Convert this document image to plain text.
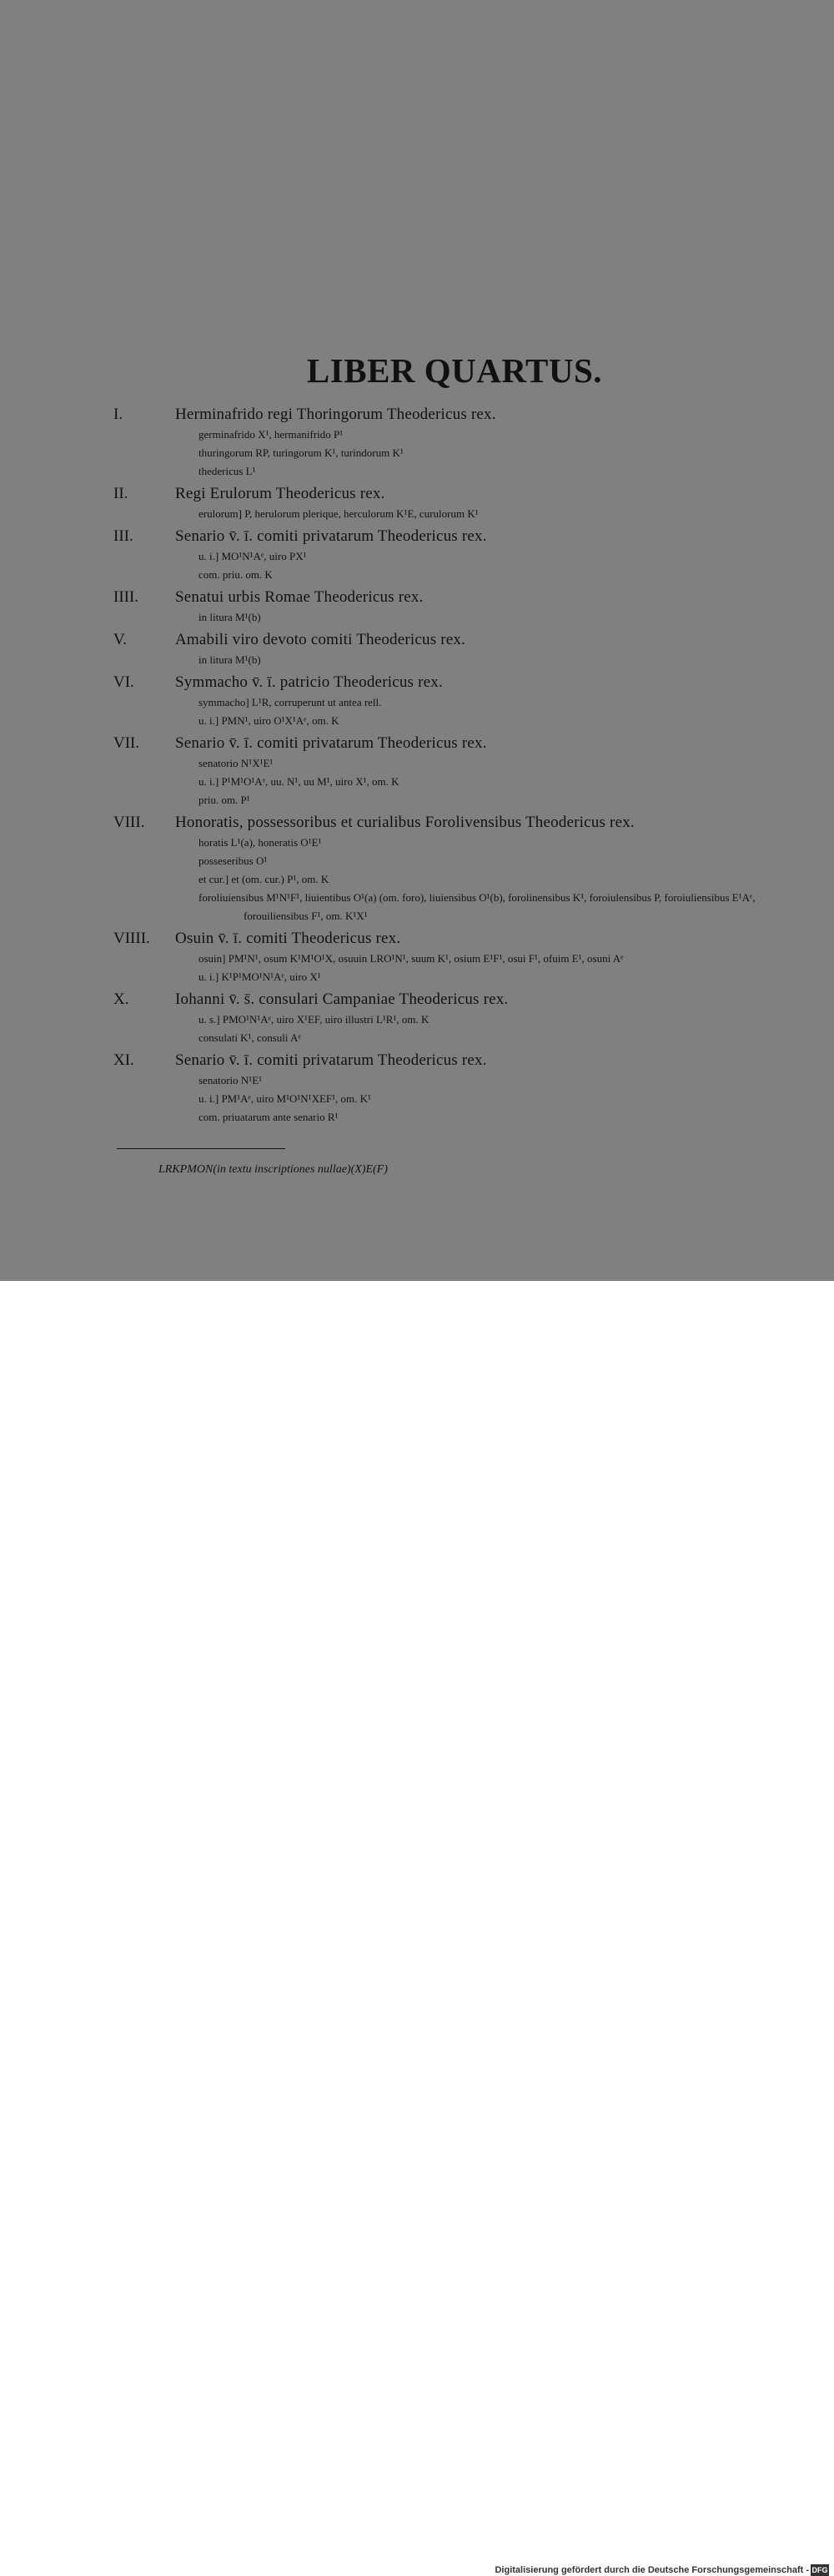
LIBER QUARTUS.
I.	Herminafrido regi Thoringorum Theodericus rex.
germinafrido X¹, hermanifrido P¹
thuringorum RP, turingorum K¹, turindorum K¹
thedericus L¹
II.	Regi Erulorum Theodericus rex.
erulorum] P, herulorum plerique, herculorum K¹E, curulorum K¹
III.	Senario v̄. ī. comiti privatarum Theodericus rex.
u. i.] MO¹N¹Aᵉ, uiro PX¹
com. priu. om. K
IIII.	Senatui urbis Romae Theodericus rex.
in litura M¹(b)
V.	Amabili viro devoto comiti Theodericus rex.
in litura M¹(b)
VI.	Symmacho v̄. ī. patricio Theodericus rex.
symmacho] L¹R, corruperunt ut antea rell.
u. i.] PMN¹, uiro O¹X¹Aᵉ, om. K
VII.	Senario v̄. ī. comiti privatarum Theodericus rex.
senatorio N¹X¹E¹
u. i.] P¹M¹O¹Aᵉ, uu. N¹, uu M¹, uiro X¹, om. K
priu. om. P¹
VIII.	Honoratis, possessoribus et curialibus Forolivensibus Theodericus rex.
horatis L¹(a), honeratis O¹E¹
posseseribus O¹
et cur.] et (om. cur.) P¹, om. K
foroliuiensibus M¹N¹F¹, liuientibus O¹(a) (om. foro), liuiensibus O¹(b), forolinensibus K¹, foroiulensibus P, foroiuliensibus E¹Aᵉ, forouiliensibus F¹, om. K¹X¹
VIIII.	Osuin v̄. ī. comiti Theodericus rex.
osuin] PM¹N¹, osum K¹M¹O¹X, osuuin LRO¹N¹, suum K¹, osium E¹F¹, osui F¹, ofuim E¹, osuni Aᵉ
u. i.] K¹P¹MO¹N¹Aᵉ, uiro X¹
X.	Iohanni v̄. s̄. consulari Campaniae Theodericus rex.
u. s.] PMO¹N¹Aᵉ, uiro X¹EF, uiro illustri L¹R¹, om. K
consulati K¹, consuli Aᵉ
XI.	Senario v̄. ī. comiti privatarum Theodericus rex.
senatorio N¹E¹
u. i.] PM¹Aᵉ, uiro M¹O¹N¹XEF¹, om. K¹
com. priuatarum ante senario R¹
LRKPMON(in textu inscriptiones nullae)(X)E(F)
Digitalisierung gefördert durch die Deutsche Forschungsgemeinschaft - DFG
